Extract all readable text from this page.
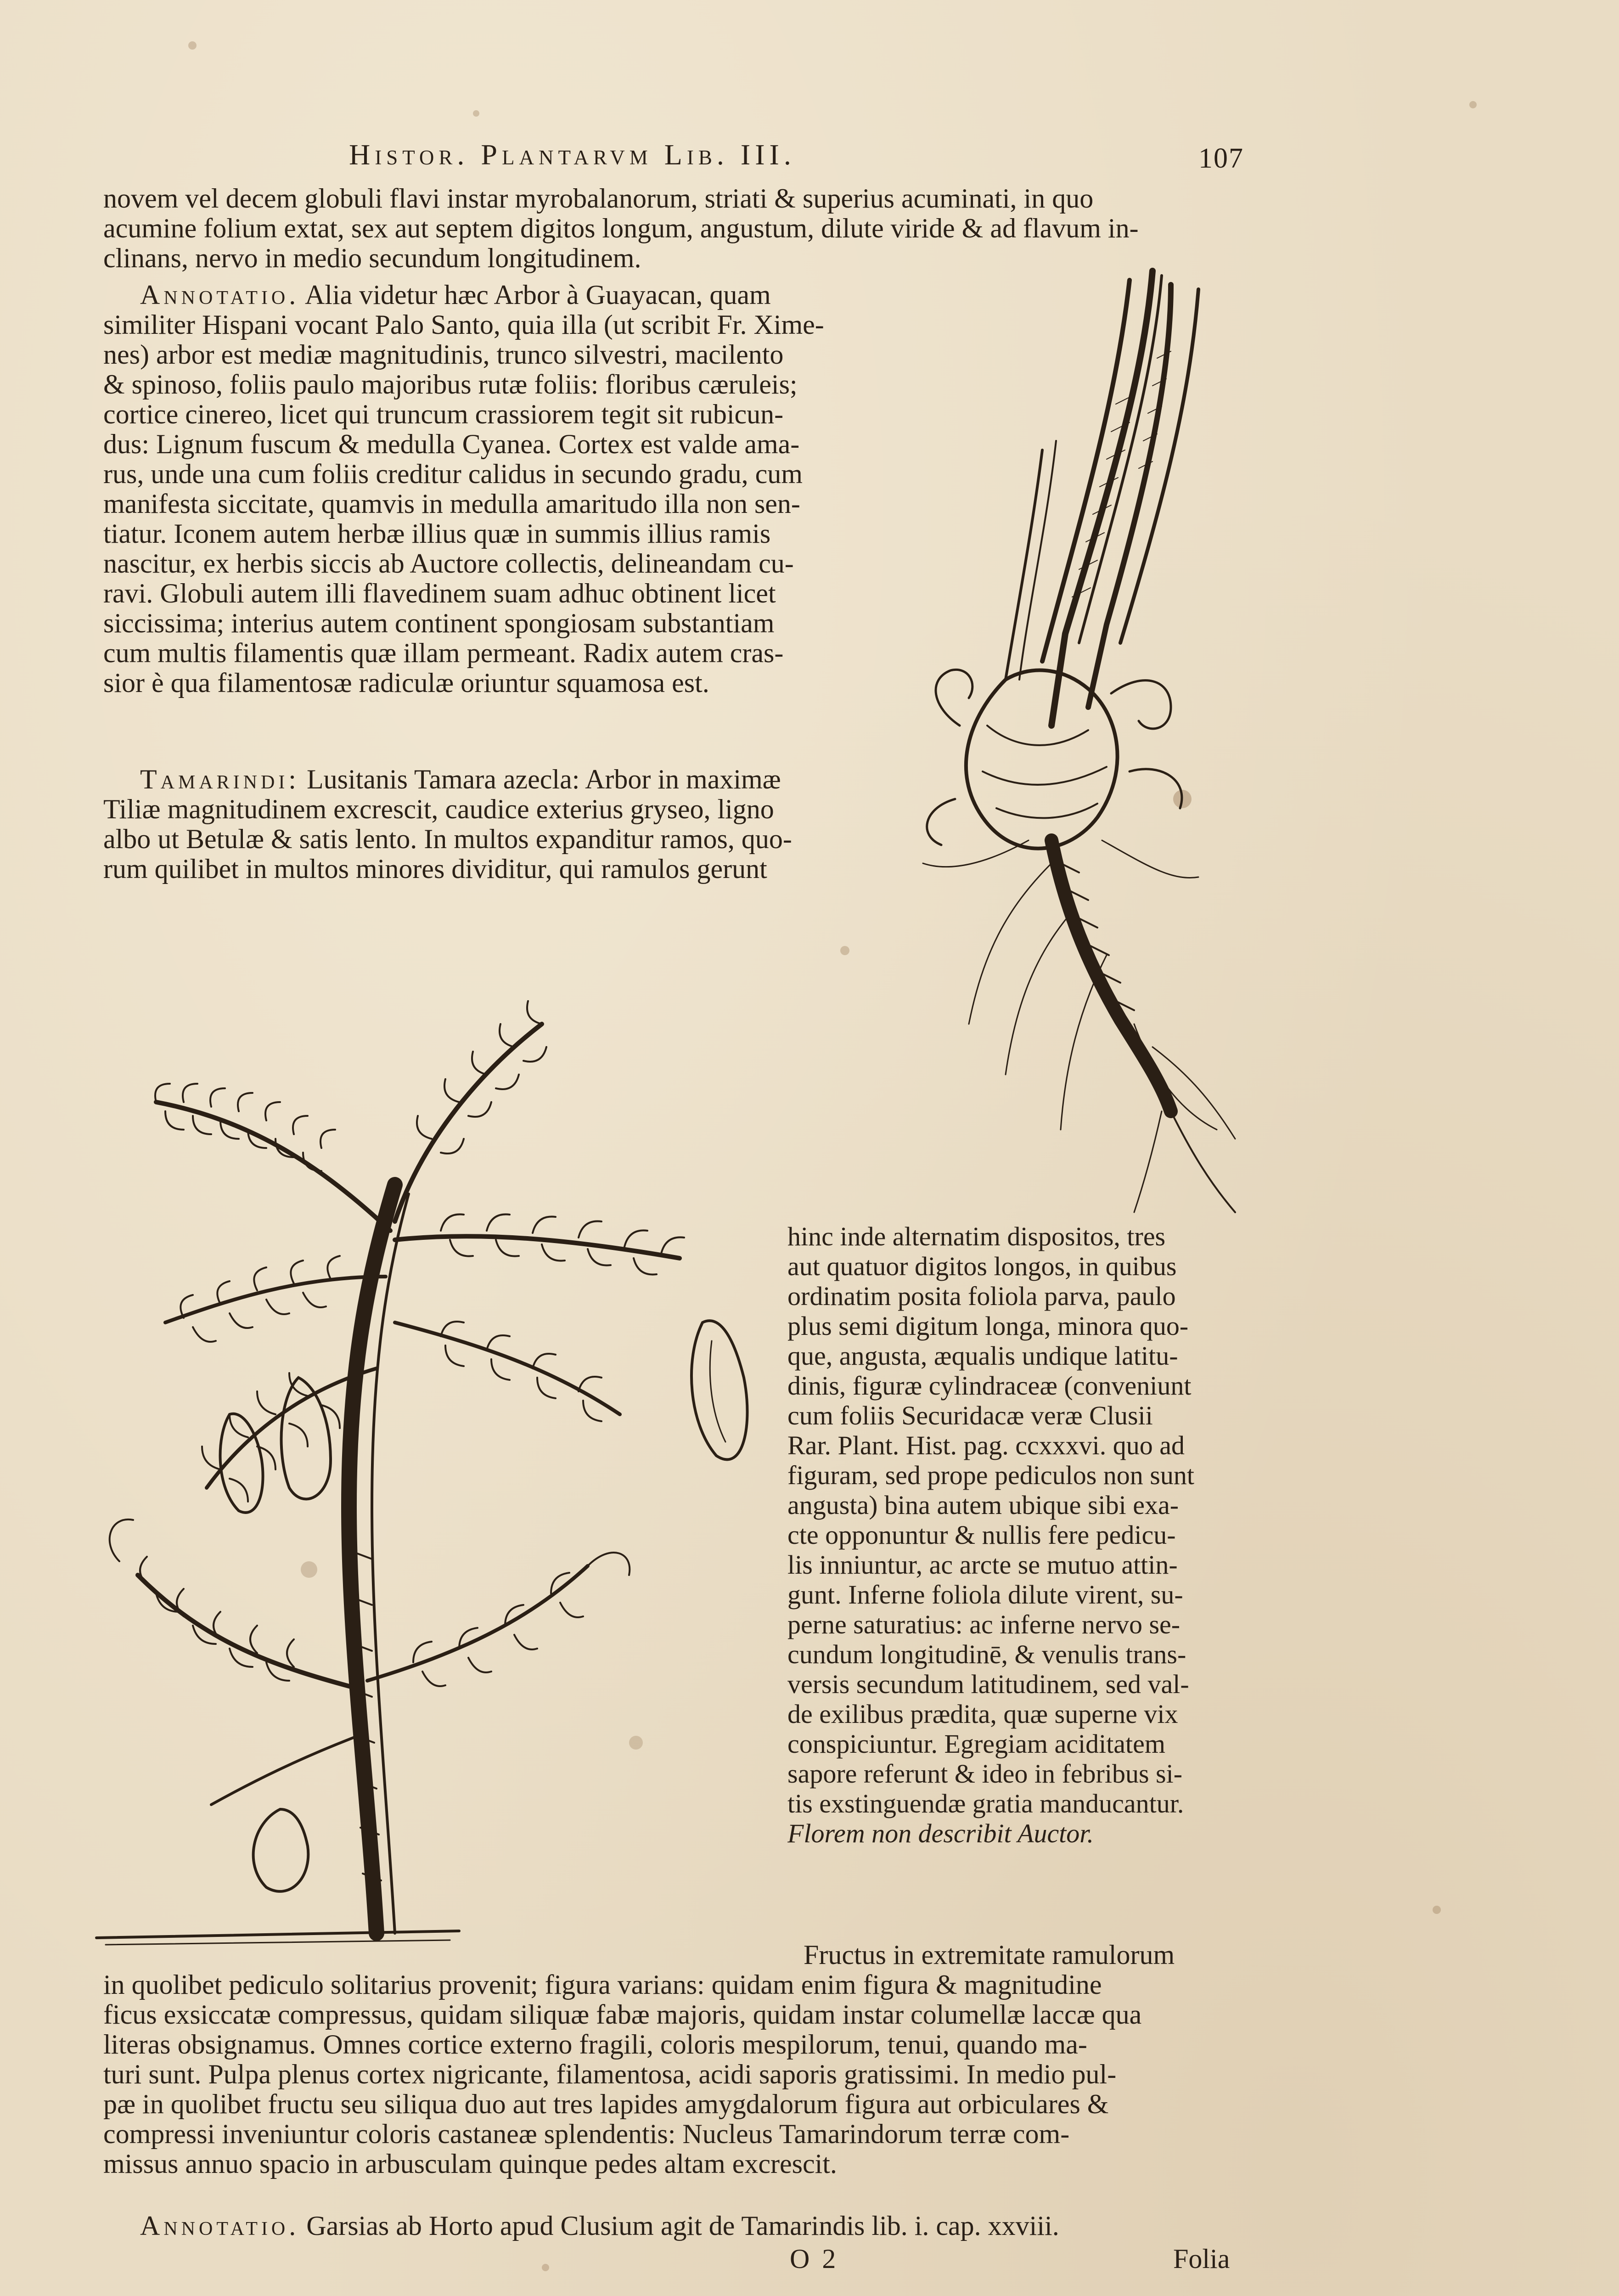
Histor. Plantarvm Lib. III.	107
novem vel decem globuli flavi instar myrobalanorum, striati & superius acuminati, in quo
acumine folium extat, sex aut septem digitos longum, angustum, dilute viride & ad flavum in-
clinans, nervo in medio secundum longitudinem.
Annotatio. Alia videtur hæc Arbor à Guayacan, quam
similiter Hispani vocant Palo Santo, quia illa (ut scribit Fr. Xime-
nes) arbor est mediæ magnitudinis, trunco silvestri, macilento
& spinoso, foliis paulo majoribus rutæ foliis: floribus cæruleis;
cortice cinereo, licet qui truncum crassiorem tegit sit rubicun-
dus: Lignum fuscum & medulla Cyanea. Cortex est valde ama-
rus, unde una cum foliis creditur calidus in secundo gradu, cum
manifesta siccitate, quamvis in medulla amaritudo illa non sen-
tiatur. Iconem autem herbæ illius quæ in summis illius ramis
nascitur, ex herbis siccis ab Auctore collectis, delineandam cu-
ravi. Globuli autem illi flavedinem suam adhuc obtinent licet
siccissima; interius autem continent spongiosam substantiam
cum multis filamentis quæ illam permeant. Radix autem cras-
sior è qua filamentosæ radiculæ oriuntur squamosa est.
Tamarindi: Lusitanis Tamara azecla: Arbor in maximæ
Tiliæ magnitudinem excrescit, caudice exterius gryseo, ligno
albo ut Betulæ & satis lento. In multos expanditur ramos, quo-
rum quilibet in multos minores dividitur, qui ramulos gerunt
hinc inde alternatim dispositos, tres
aut quatuor digitos longos, in quibus
ordinatim posita foliola parva, paulo
plus semi digitum longa, minora quo-
que, angusta, æqualis undique latitu-
dinis, figuræ cylindraceæ (conveniunt
cum foliis Securidacæ veræ Clusii
Rar. Plant. Hist. pag. ccxxxvi. quo ad
figuram, sed prope pediculos non sunt
angusta) bina autem ubique sibi exa-
cte opponuntur & nullis fere pedicu-
lis inniuntur, ac arcte se mutuo attin-
gunt. Inferne foliola dilute virent, su-
perne saturatius: ac inferne nervo se-
cundum longitudinē, & venulis trans-
versis secundum latitudinem, sed val-
de exilibus prædita, quæ superne vix
conspiciuntur. Egregiam aciditatem
sapore referunt & ideo in febribus si-
tis exstinguendæ gratia manducantur.
Florem non describit Auctor.
Fructus in extremitate ramulorum
in quolibet pediculo solitarius provenit; figura varians: quidam enim figura & magnitudine
ficus exsiccatæ compressus, quidam siliquæ fabæ majoris, quidam instar columellæ laccæ qua
literas obsignamus. Omnes cortice externo fragili, coloris mespilorum, tenui, quando ma-
turi sunt. Pulpa plenus cortex nigricante, filamentosa, acidi saporis gratissimi. In medio pul-
pæ in quolibet fructu seu siliqua duo aut tres lapides amygdalorum figura aut orbiculares &
compressi inveniuntur coloris castaneæ splendentis: Nucleus Tamarindorum terræ com-
missus annuo spacio in arbusculam quinque pedes altam excrescit.
Annotatio. Garsias ab Horto apud Clusium agit de Tamarindis lib. i. cap. xxviii.
O 2	Folia
